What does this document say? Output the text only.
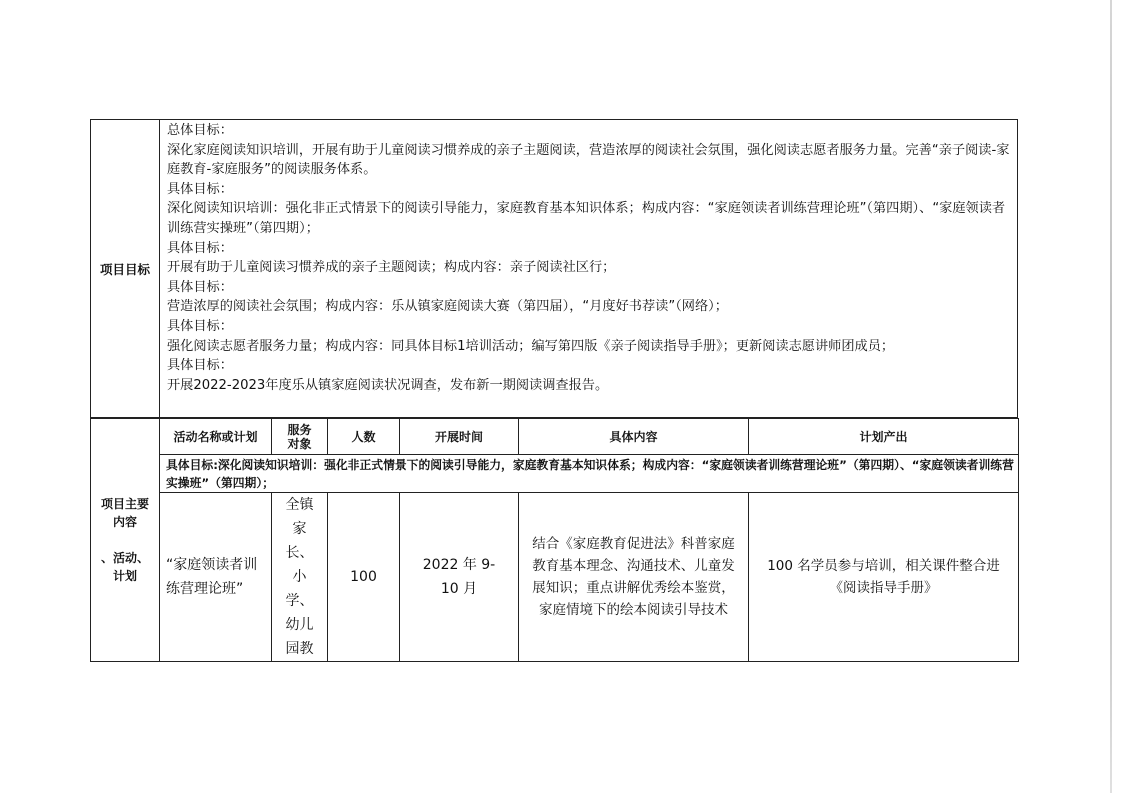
项目目标
总体目标：
深化家庭阅读知识培训，开展有助于儿童阅读习惯养成的亲子主题阅读，营造浓厚的阅读社会氛围，强化阅读志愿者服务力量。完善“亲子阅读-家庭教育-家庭服务”的阅读服务体系。
具体目标：
深化阅读知识培训：强化非正式情景下的阅读引导能力，家庭教育基本知识体系；构成内容：“家庭领读者训练营理论班”（第四期）、“家庭领读者训练营实操班”（第四期）；
具体目标：
开展有助于儿童阅读习惯养成的亲子主题阅读；构成内容：亲子阅读社区行；
具体目标：
营造浓厚的阅读社会氛围；构成内容：乐从镇家庭阅读大赛（第四届），“月度好书荐读”（网络）；
具体目标：
强化阅读志愿者服务力量；构成内容：同具体目标1培训活动；编写第四版《亲子阅读指导手册》；更新阅读志愿讲师团成员；
具体目标：
开展2022-2023年度乐从镇家庭阅读状况调查，发布新一期阅读调查报告。
项目主要内容
、活动、计划	活动名称或计划	服务对象	人数	开展时间	具体内容	计划产出
	具体目标:深化阅读知识培训：强化非正式情景下的阅读引导能力，家庭教育基本知识体系；构成内容：“家庭领读者训练营理论班”（第四期）、“家庭领读者训练营实操班”（第四期）；					

	“家庭领读者训练营理论班”	全镇家长、小学、幼儿园教	100	2022 年 9-10 月	结合《家庭教育促进法》科普家庭教育基本理念、沟通技术、儿童发展知识；重点讲解优秀绘本鉴赏，家庭情境下的绘本阅读引导技术	100 名学员参与培训，相关课件整合进《阅读指导手册》
